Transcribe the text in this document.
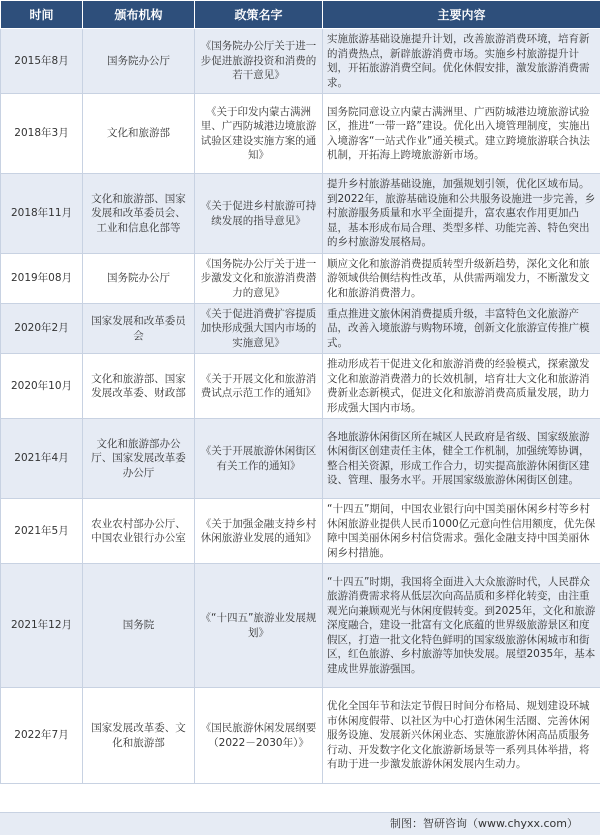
时间	颁布机构	政策名字	主要内容
2015年8月	国务院办公厅	《国务院办公厅关于进一步促进旅游投资和消费的若干意见》	实施旅游基础设施提升计划，改善旅游消费环境，培育新的消费热点，新辟旅游消费市场。实施乡村旅游提升计划，开拓旅游消费空间。优化休假安排，激发旅游消费需求。
2018年3月	文化和旅游部	《关于印发内蒙古满洲里、广西防城港边境旅游试验区建设实施方案的通知》	国务院同意设立内蒙古满洲里、广西防城港边境旅游试验区，推进“一带一路”建设。优化出入境管理制度，实施出入境游客“一站式作业”通关模式。建立跨境旅游联合执法机制，开拓海上跨境旅游新市场。
2018年11月	文化和旅游部、国家发展和改革委员会、工业和信息化部等	《关于促进乡村旅游可持续发展的指导意见》	提升乡村旅游基础设施，加强规划引领，优化区域布局。到2022年，旅游基础设施和公共服务设施进一步完善，乡村旅游服务质量和水平全面提升，富农惠农作用更加凸显，基本形成布局合理、类型多样、功能完善、特色突出的乡村旅游发展格局。
2019年08月	国务院办公厅	《国务院办公厅关于进一步激发文化和旅游消费潜力的意见》	顺应文化和旅游消费提质转型升级新趋势，深化文化和旅游领域供给侧结构性改革，从供需两端发力，不断激发文化和旅游消费潜力。
2020年2月	国家发展和改革委员会	《关于促进消费扩容提质加快形成强大国内市场的实施意见》	重点推进文旅休闲消费提质升级，丰富特色文化旅游产品，改善入境旅游与购物环境，创新文化旅游宣传推广模式。
2020年10月	文化和旅游部、国家发展改革委、财政部	《关于开展文化和旅游消费试点示范工作的通知》	推动形成若干促进文化和旅游消费的经验模式，探索激发文化和旅游消费潜力的长效机制，培育壮大文化和旅游消费新业态新模式，促进文化和旅游消费高质量发展，助力形成强大国内市场。
2021年4月	文化和旅游部办公厅、国家发展改革委办公厅	《关于开展旅游休闲街区有关工作的通知》	各地旅游休闲街区所在城区人民政府是省级、国家级旅游休闲街区创建责任主体，健全工作机制，加强统筹协调，整合相关资源，形成工作合力，切实提高旅游休闲街区建设、管理、服务水平。开展国家级旅游休闲街区创建。
2021年5月	农业农村部办公厅、中国农业银行办公室	《关于加强金融支持乡村休闲旅游业发展的通知》	“十四五”期间，中国农业银行向中国美丽休闲乡村等乡村休闲旅游业提供人民币1000亿元意向性信用额度，优先保障中国美丽休闲乡村信贷需求。强化金融支持中国美丽休闲乡村措施。
2021年12月	国务院	《“十四五”旅游业发展规划》	“十四五”时期，我国将全面进入大众旅游时代，人民群众旅游消费需求将从低层次向高品质和多样化转变，由注重观光向兼顾观光与休闲度假转变。到2025年，文化和旅游深度融合，建设一批富有文化底蕴的世界级旅游景区和度假区，打造一批文化特色鲜明的国家级旅游休闲城市和街区，红色旅游、乡村旅游等加快发展。展望2035年，基本建成世界旅游强国。
2022年7月	国家发展改革委、文化和旅游部	《国民旅游休闲发展纲要（2022－2030年）》	优化全国年节和法定节假日时间分布格局、规划建设环城市休闲度假带、以社区为中心打造休闲生活圈、完善休闲服务设施、发展新兴休闲业态、实施旅游休闲高品质服务行动、开发数字化文化旅游新场景等一系列具体举措，将有助于进一步激发旅游休闲发展内生动力。
制图：智研咨询（www.chyxx.com）
